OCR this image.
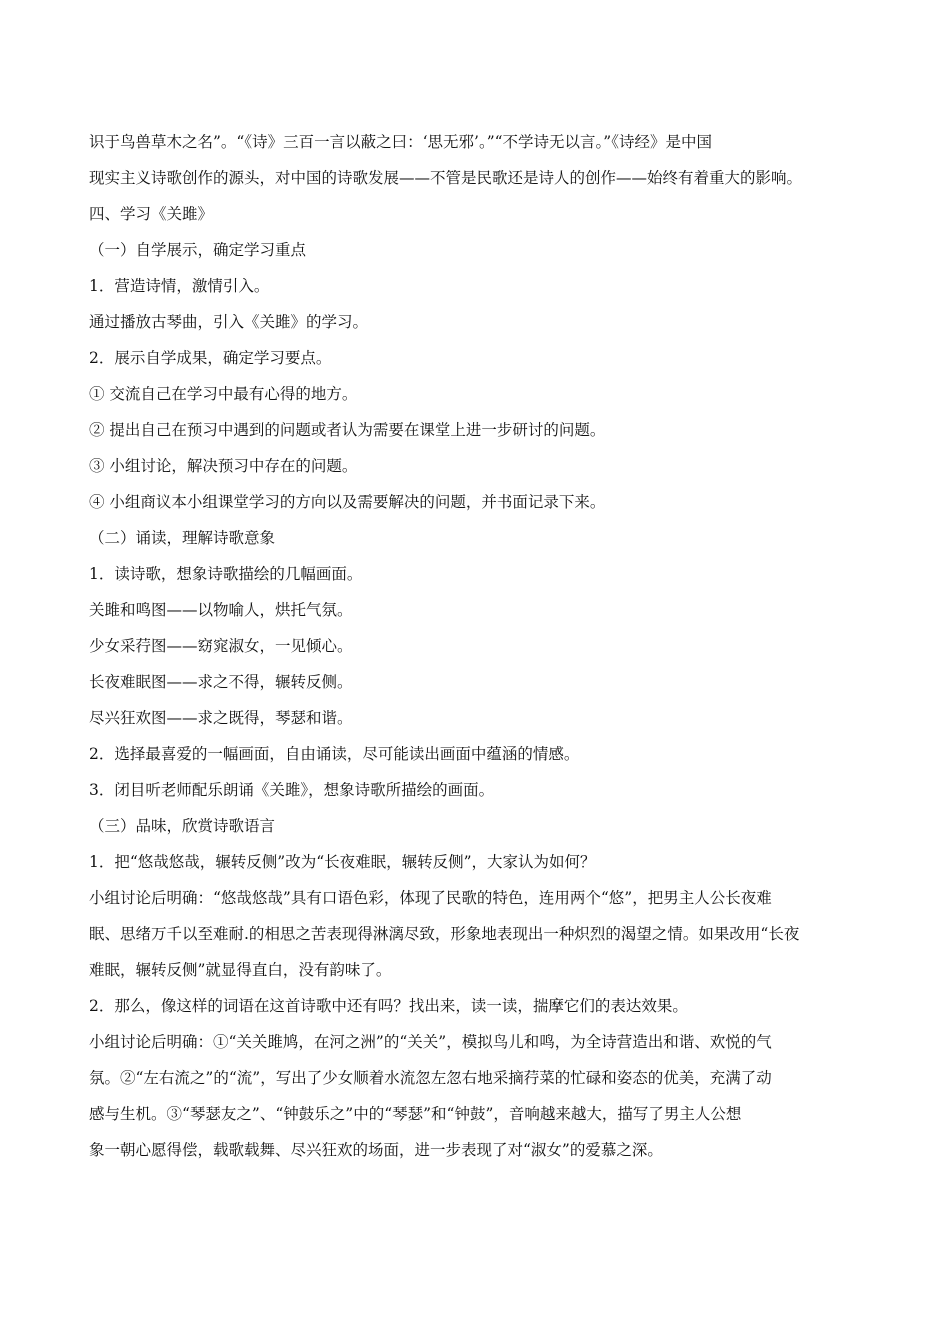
识于鸟兽草木之名”。“《诗》三百一言以蔽之曰：‘思无邪’。”“不学诗无以言。”《诗经》是中国
现实主义诗歌创作的源头，对中国的诗歌发展——不管是民歌还是诗人的创作——始终有着重大的影响。
四、学习《关雎》
（一）自学展示，确定学习重点
1．营造诗情，激情引入。
通过播放古琴曲，引入《关雎》的学习。
2．展示自学成果，确定学习要点。
① 交流自己在学习中最有心得的地方。
② 提出自己在预习中遇到的问题或者认为需要在课堂上进一步研讨的问题。
③ 小组讨论，解决预习中存在的问题。
④ 小组商议本小组课堂学习的方向以及需要解决的问题，并书面记录下来。
（二）诵读，理解诗歌意象
1．读诗歌，想象诗歌描绘的几幅画面。
关雎和鸣图——以物喻人，烘托气氛。
少女采荇图——窈窕淑女，一见倾心。
长夜难眠图——求之不得，辗转反侧。
尽兴狂欢图——求之既得，琴瑟和谐。
2．选择最喜爱的一幅画面，自由诵读，尽可能读出画面中蕴涵的情感。
3．闭目听老师配乐朗诵《关雎》，想象诗歌所描绘的画面。
（三）品味，欣赏诗歌语言
1．把“悠哉悠哉，辗转反侧”改为“长夜难眠，辗转反侧”，大家认为如何？
小组讨论后明确：“悠哉悠哉”具有口语色彩，体现了民歌的特色，连用两个“悠”，把男主人公长夜难
眠、思绪万千以至难耐.的相思之苦表现得淋漓尽致，形象地表现出一种炽烈的渴望之情。如果改用“长夜
难眠，辗转反侧”就显得直白，没有韵味了。
2．那么，像这样的词语在这首诗歌中还有吗？找出来，读一读，揣摩它们的表达效果。
小组讨论后明确：①“关关雎鸠，在河之洲”的“关关”，模拟鸟儿和鸣，为全诗营造出和谐、欢悦的气
氛。②“左右流之”的“流”，写出了少女顺着水流忽左忽右地采摘荇菜的忙碌和姿态的优美，充满了动
感与生机。③“琴瑟友之”、“钟鼓乐之”中的“琴瑟”和“钟鼓”，音响越来越大，描写了男主人公想
象一朝心愿得偿，载歌载舞、尽兴狂欢的场面，进一步表现了对“淑女”的爱慕之深。
